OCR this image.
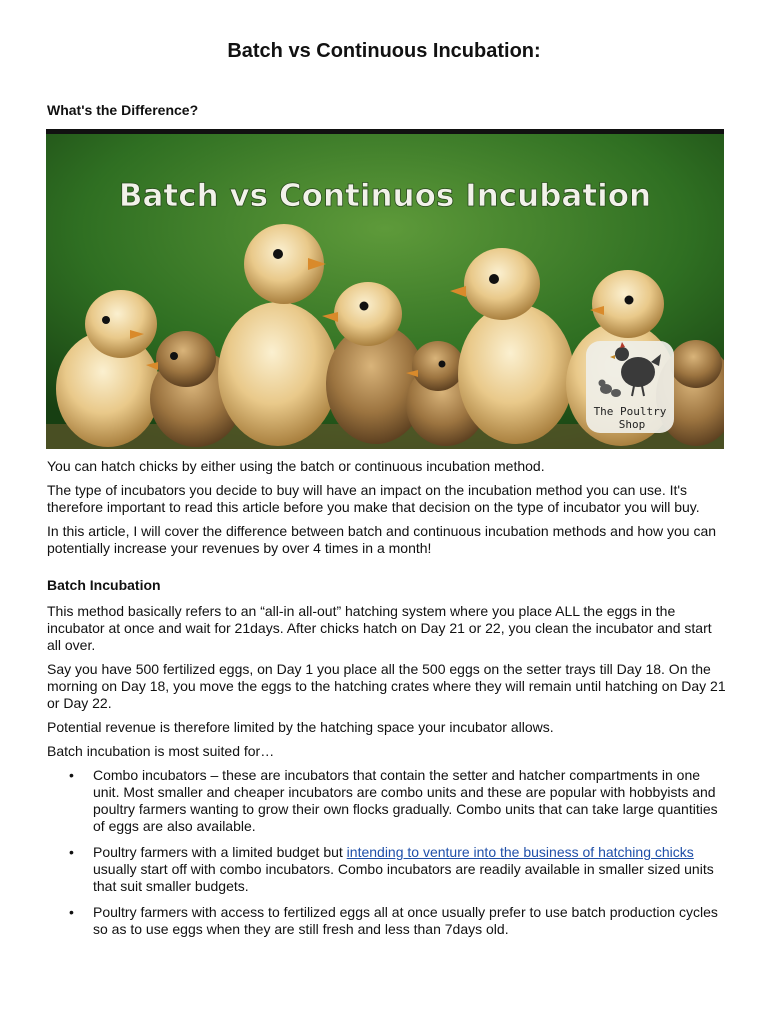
Batch vs Continuous Incubation:
What's the Difference?
Batch vs Continuos Incubation
The Poultry
Shop

You can hatch chicks by either using the batch or continuous incubation method.

The type of incubators you decide to buy will have an impact on the incubation method you can use. It's therefore important to read this article before you make that decision on the type of incubator you will buy.

In this article, I will cover the difference between batch and continuous incubation methods and how you can potentially increase your revenues by over 4 times in a month!

Batch Incubation

This method basically refers to an “all-in all-out” hatching system where you place ALL the eggs in the incubator at once and wait for 21days. After chicks hatch on Day 21 or 22, you clean the incubator and start all over.

Say you have 500 fertilized eggs, on Day 1 you place all the 500 eggs on the setter trays till Day 18. On the morning on Day 18, you move the eggs to the hatching crates where they will remain until hatching on Day 21 or Day 22.

Potential revenue is therefore limited by the hatching space your incubator allows.

Batch incubation is most suited for…

• Combo incubators – these are incubators that contain the setter and hatcher compartments in one unit. Most smaller and cheaper incubators are combo units and these are popular with hobbyists and poultry farmers wanting to grow their own flocks gradually. Combo units that can take large quantities of eggs are also available.
• Poultry farmers with a limited budget but intending to venture into the business of hatching chicks usually start off with combo incubators. Combo incubators are readily available in smaller sized units that suit smaller budgets.
• Poultry farmers with access to fertilized eggs all at once usually prefer to use batch production cycles so as to use eggs when they are still fresh and less than 7days old.
